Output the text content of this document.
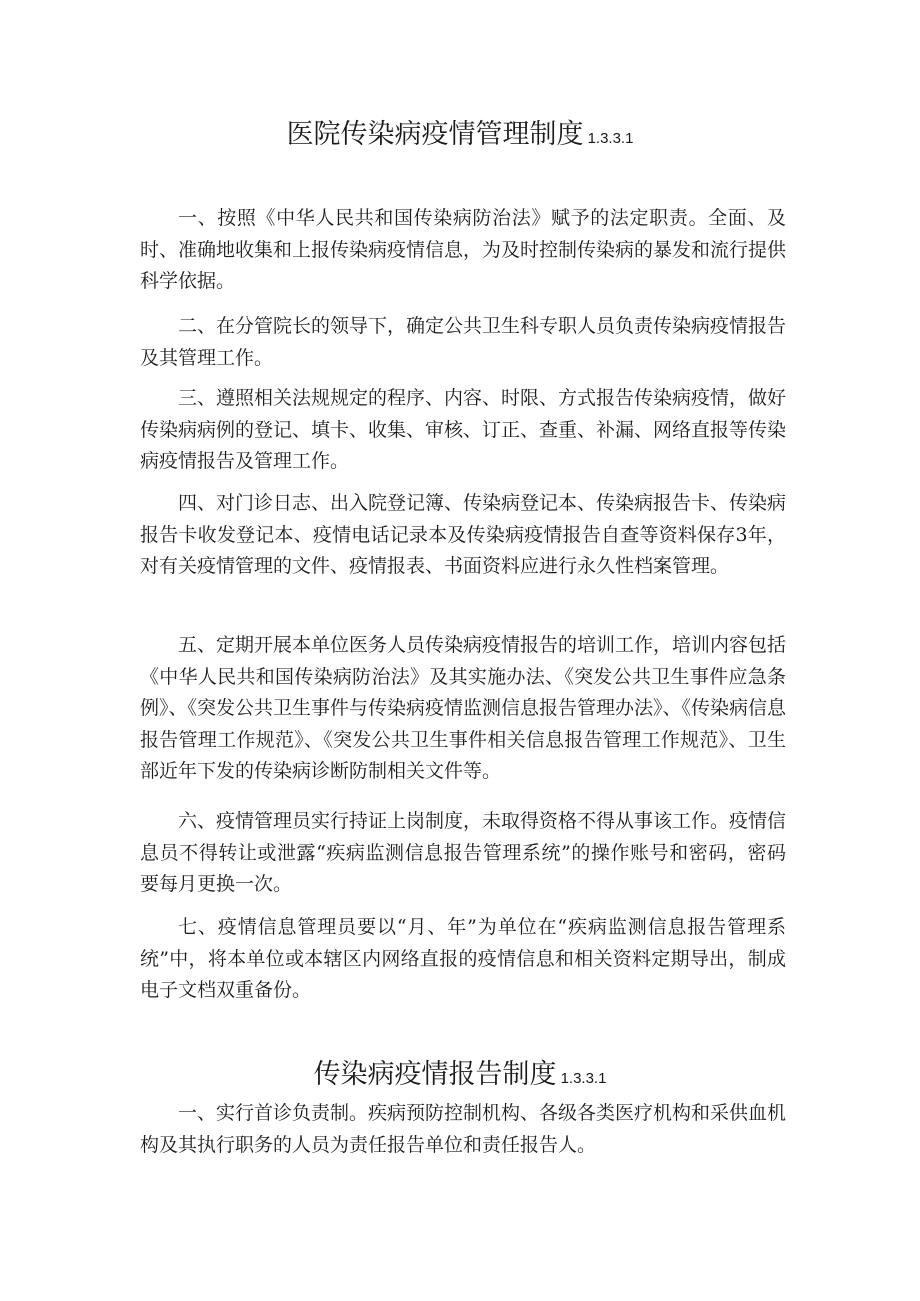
医院传染病疫情管理制度 1.3.3.1

一、按照《中华人民共和国传染病防治法》赋予的法定职责。全面、及时、准确地收集和上报传染病疫情信息，为及时控制传染病的暴发和流行提供科学依据。

二、在分管院长的领导下，确定公共卫生科专职人员负责传染病疫情报告及其管理工作。

三、遵照相关法规规定的程序、内容、时限、方式报告传染病疫情，做好传染病病例的登记、填卡、收集、审核、订正、查重、补漏、网络直报等传染病疫情报告及管理工作。

四、对门诊日志、出入院登记簿、传染病登记本、传染病报告卡、传染病报告卡收发登记本、疫情电话记录本及传染病疫情报告自查等资料保存3年，对有关疫情管理的文件、疫情报表、书面资料应进行永久性档案管理。

五、定期开展本单位医务人员传染病疫情报告的培训工作，培训内容包括《中华人民共和国传染病防治法》及其实施办法、《突发公共卫生事件应急条例》、《突发公共卫生事件与传染病疫情监测信息报告管理办法》、《传染病信息报告管理工作规范》、《突发公共卫生事件相关信息报告管理工作规范》、卫生部近年下发的传染病诊断防制相关文件等。

六、疫情管理员实行持证上岗制度，未取得资格不得从事该工作。疫情信息员不得转让或泄露“疾病监测信息报告管理系统”的操作账号和密码，密码要每月更换一次。

七、疫情信息管理员要以“月、年”为单位在“疾病监测信息报告管理系统”中，将本单位或本辖区内网络直报的疫情信息和相关资料定期导出，制成电子文档双重备份。

传染病疫情报告制度 1.3.3.1

一、实行首诊负责制。疾病预防控制机构、各级各类医疗机构和采供血机构及其执行职务的人员为责任报告单位和责任报告人。
